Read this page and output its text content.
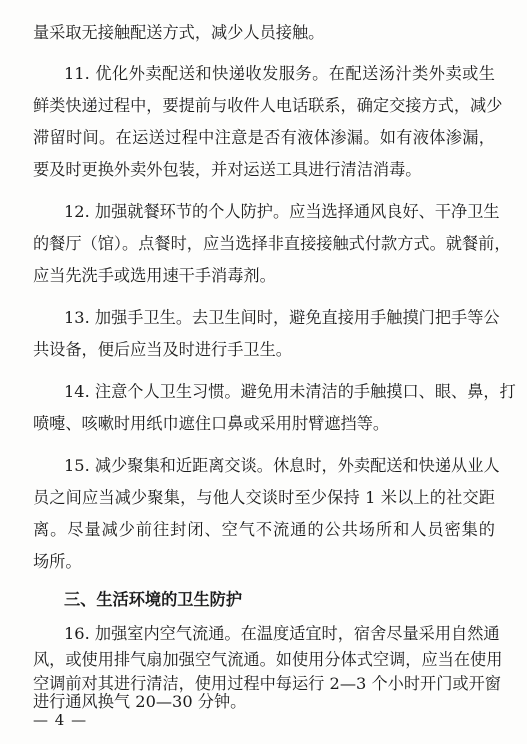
量采取无接触配送方式，减少人员接触。
11. 优化外卖配送和快递收发服务。在配送汤汁类外卖或生
鲜类快递过程中，要提前与收件人电话联系，确定交接方式，减少
滞留时间。在运送过程中注意是否有液体渗漏。如有液体渗漏，
要及时更换外卖外包装，并对运送工具进行清洁消毒。
12. 加强就餐环节的个人防护。应当选择通风良好、干净卫生
的餐厅（馆）。点餐时，应当选择非直接接触式付款方式。就餐前，
应当先洗手或选用速干手消毒剂。
13. 加强手卫生。去卫生间时，避免直接用手触摸门把手等公
共设备，便后应当及时进行手卫生。
14. 注意个人卫生习惯。避免用未清洁的手触摸口、眼、鼻，打
喷嚏、咳嗽时用纸巾遮住口鼻或采用肘臂遮挡等。
15. 减少聚集和近距离交谈。休息时，外卖配送和快递从业人
员之间应当减少聚集，与他人交谈时至少保持 1 米以上的社交距
离。尽量减少前往封闭、空气不流通的公共场所和人员密集的
场所。
三、生活环境的卫生防护
16. 加强室内空气流通。在温度适宜时，宿舍尽量采用自然通
风，或使用排气扇加强空气流通。如使用分体式空调，应当在使用
空调前对其进行清洁，使用过程中每运行 2—3 个小时开门或开窗
进行通风换气 20—30 分钟。
— 4 —
